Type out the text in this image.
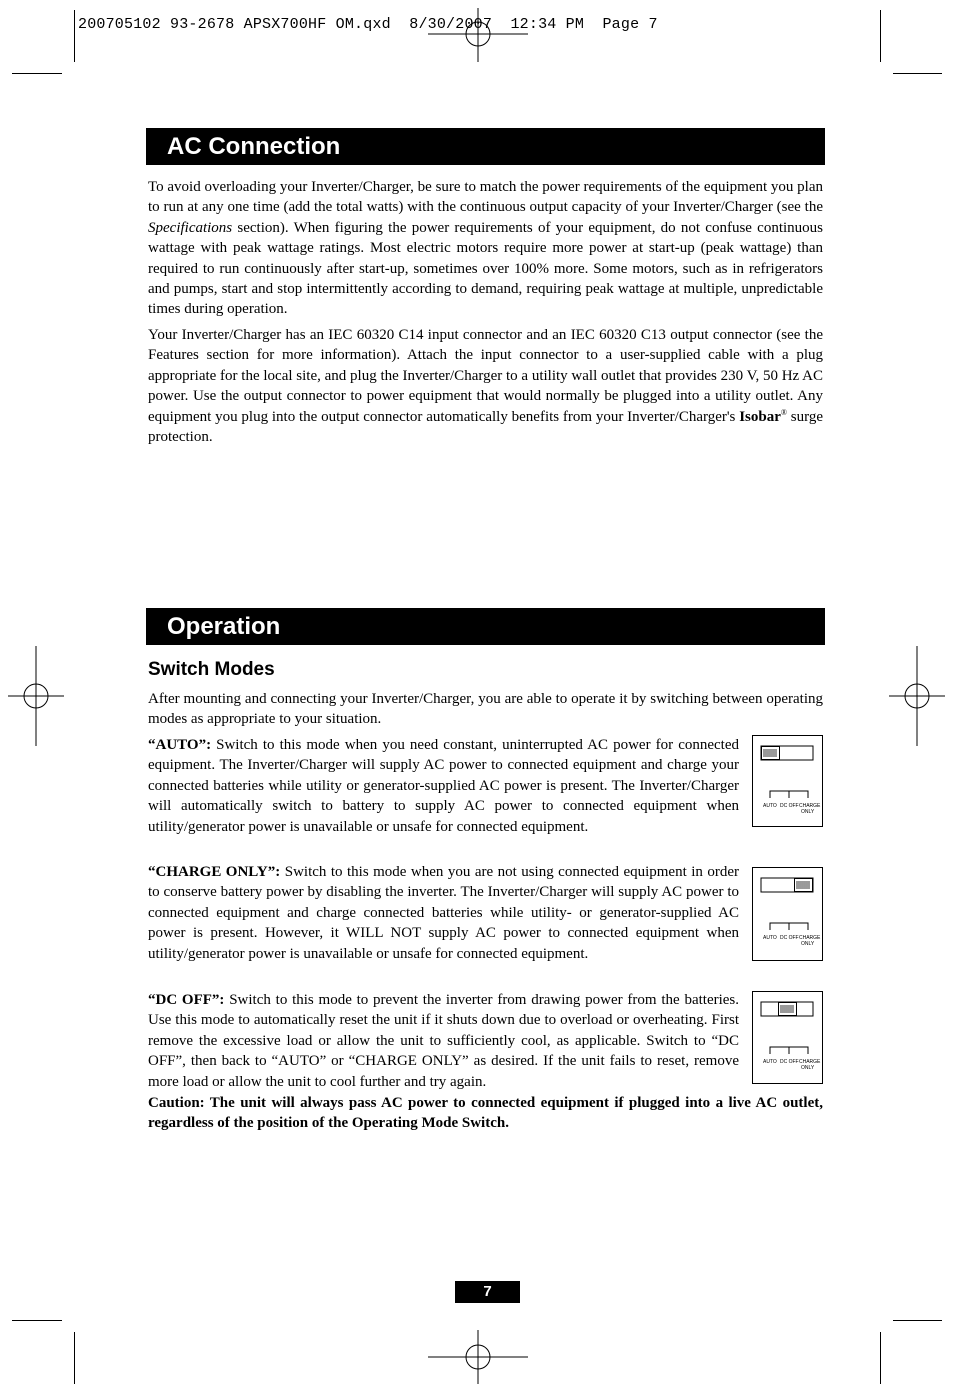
200705102 93-2678 APSX700HF OM.qxd  8/30/2007  12:34 PM  Page 7
AC Connection

To avoid overloading your Inverter/Charger, be sure to match the power requirements of the equipment you plan to run at any one time (add the total watts) with the continuous output capacity of your Inverter/Charger (see the Specifications section). When figuring the power requirements of your equipment, do not confuse continuous wattage with peak wattage ratings. Most electric motors require more power at start-up (peak wattage) than required to run continuously after start-up, sometimes over 100% more. Some motors, such as in refrigerators and pumps, start and stop intermittently according to demand, requiring peak wattage at multiple, unpredictable times during operation.

Your Inverter/Charger has an IEC 60320 C14 input connector and an IEC 60320 C13 output connector (see the Features section for more information). Attach the input connector to a user-supplied cable with a plug appropriate for the local site, and plug the Inverter/Charger to a utility wall outlet that provides 230 V, 50 Hz AC power. Use the output connector to power equipment that would normally be plugged into a utility outlet. Any equipment you plug into the output connector automatically benefits from your Inverter/Charger's Isobar® surge protection.

Operation
Switch Modes

After mounting and connecting your Inverter/Charger, you are able to operate it by switching between operating modes as appropriate to your situation.

“AUTO”: Switch to this mode when you need constant, uninterrupted AC power for connected equipment. The Inverter/Charger will supply AC power to connected equipment and charge your connected batteries while utility or generator-supplied AC power is present. The Inverter/Charger will automatically switch to battery to supply AC power to connected equipment when utility/generator power is unavailable or unsafe for connected equipment.

“CHARGE ONLY”: Switch to this mode when you are not using connected equipment in order to conserve battery power by disabling the inverter. The Inverter/Charger will supply AC power to connected equipment and charge connected batteries while utility- or generator-supplied AC power is present. However, it WILL NOT supply AC power to connected equipment when utility/generator power is unavailable or unsafe for connected equipment.

“DC OFF”: Switch to this mode to prevent the inverter from drawing power from the batteries. Use this mode to automatically reset the unit if it shuts down due to overload or overheating. First remove the excessive load or allow the unit to sufficiently cool, as applicable. Switch to “DC OFF”, then back to “AUTO” or “CHARGE ONLY” as desired. If the unit fails to reset, remove more load or allow the unit to cool further and try again.

AUTO DC OFF CHARGE
ONLY
AUTO DC OFF CHARGE
ONLY
AUTO DC OFF CHARGE
ONLY

Caution: The unit will always pass AC power to connected equipment if plugged into a live AC outlet, regardless of the position of the Operating Mode Switch.

7
